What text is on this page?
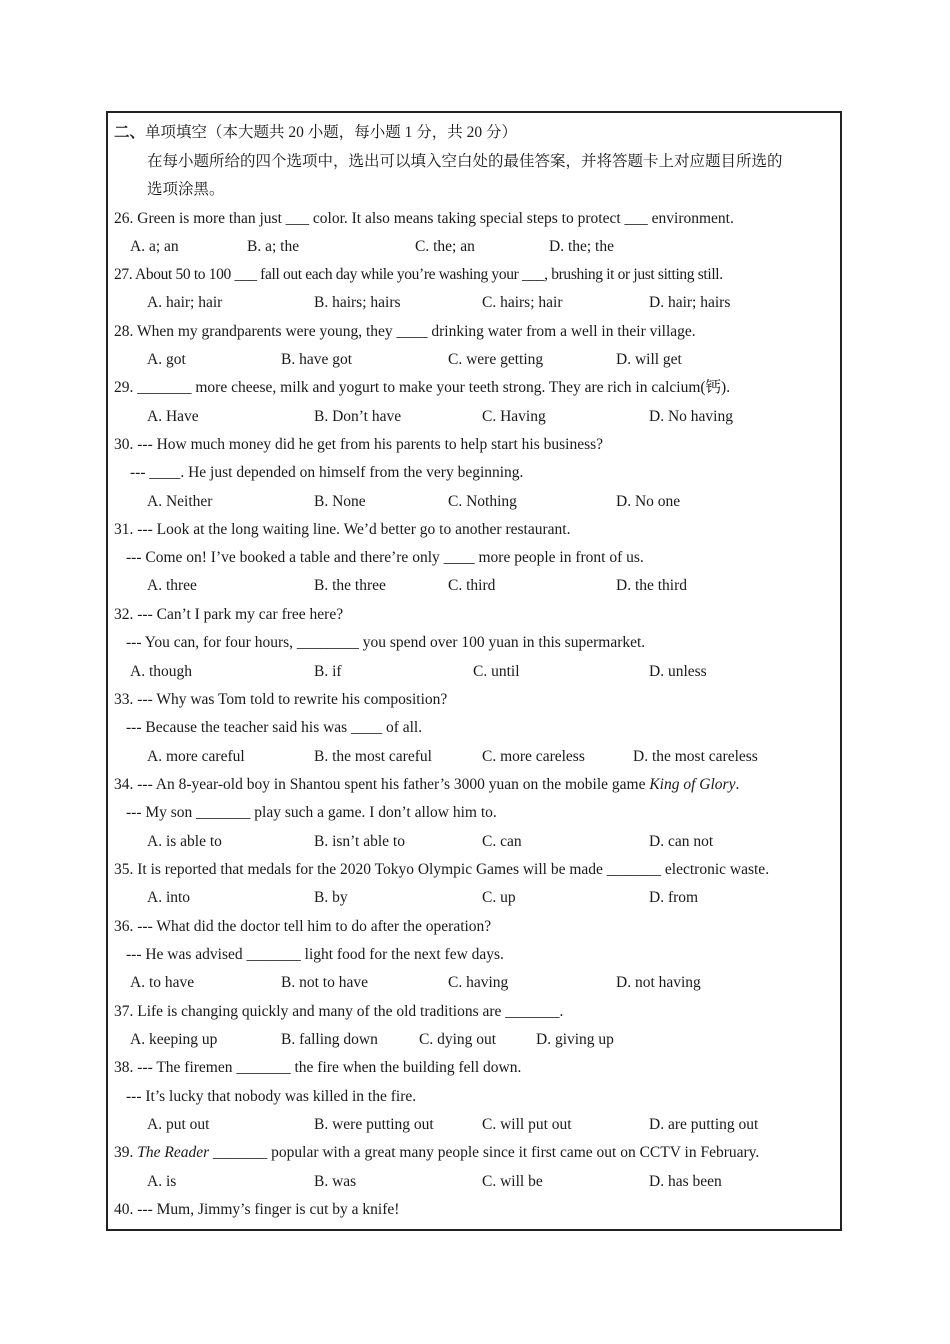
二、单项填空（本大题共 20 小题，每小题 1 分，共 20 分）
在每小题所给的四个选项中，选出可以填入空白处的最佳答案，并将答题卡上对应题目所选的
选项涂黑。
26. Green is more than just ___ color. It also means taking special steps to protect ___ environment.
A. a; an	B. a; the	C. the; an	D. the; the
27. About 50 to 100 ___ fall out each day while you’re washing your ___, brushing it or just sitting still.
A. hair; hair	B. hairs; hairs	C. hairs; hair	D. hair; hairs
28. When my grandparents were young, they ____ drinking water from a well in their village.
A. got	B. have got	C. were getting	D. will get
29. _______ more cheese, milk and yogurt to make your teeth strong. They are rich in calcium(钙).
A. Have	B. Don’t have	C. Having	D. No having
30. --- How much money did he get from his parents to help start his business?
--- ____. He just depended on himself from the very beginning.
A. Neither	B. None	C. Nothing	D. No one
31. --- Look at the long waiting line. We’d better go to another restaurant.
--- Come on! I’ve booked a table and there’re only ____ more people in front of us.
A. three	B. the three	C. third	D. the third
32. --- Can’t I park my car free here?
--- You can, for four hours, ________ you spend over 100 yuan in this supermarket.
A. though	B. if	C. until	D. unless
33. --- Why was Tom told to rewrite his composition?
--- Because the teacher said his was ____ of all.
A. more careful	B. the most careful	C. more careless	D. the most careless
34. --- An 8-year-old boy in Shantou spent his father’s 3000 yuan on the mobile game King of Glory.
--- My son _______ play such a game. I don’t allow him to.
A. is able to	B. isn’t able to	C. can	D. can not
35. It is reported that medals for the 2020 Tokyo Olympic Games will be made _______ electronic waste.
A. into	B. by	C. up	D. from
36. --- What did the doctor tell him to do after the operation?
--- He was advised _______ light food for the next few days.
A. to have	B. not to have	C. having	D. not having
37. Life is changing quickly and many of the old traditions are _______.
A. keeping up	B. falling down	C. dying out	D. giving up
38. --- The firemen _______ the fire when the building fell down.
--- It’s lucky that nobody was killed in the fire.
A. put out	B. were putting out	C. will put out	D. are putting out
39. The Reader _______ popular with a great many people since it first came out on CCTV in February.
A. is	B. was	C. will be	D. has been
40. --- Mum, Jimmy’s finger is cut by a knife!
